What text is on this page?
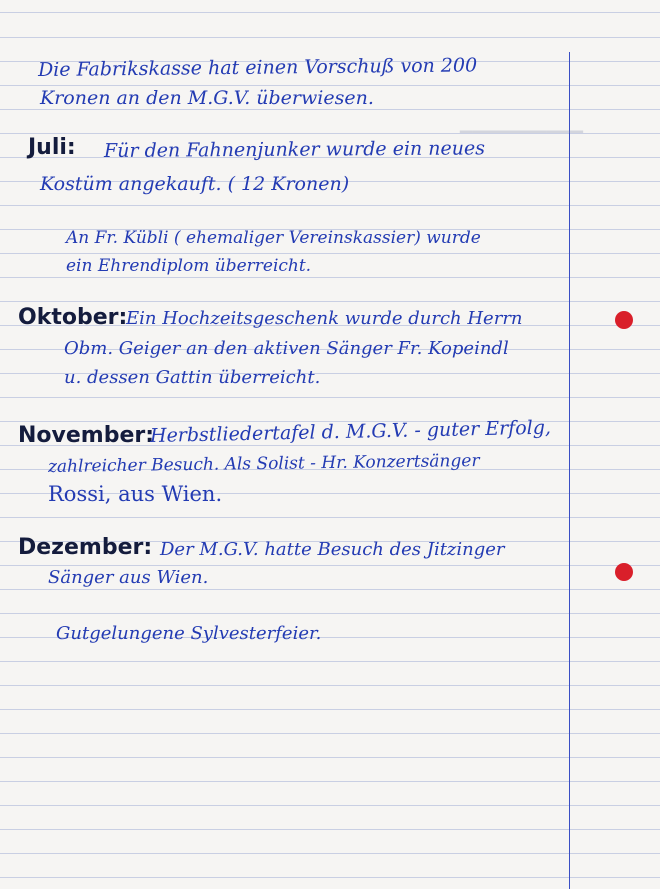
▁▁▁▁▁▁▁▁▁▁
Die Fabrikskasse hat einen Vorschuß von 200
Kronen an den M.G.V. überwiesen.
Juli: Für den Fahnenjunker wurde ein neues
Kostüm angekauft. ( 12 Kronen)
An Fr. Kübli ( ehemaliger Vereinskassier) wurde
ein Ehrendiplom überreicht.
Oktober:
Ein Hochzeitsgeschenk wurde durch Herrn
Obm. Geiger an den aktiven Sänger Fr. Kopeindl
u. dessen Gattin überreicht.
November:
Herbstliedertafel d. M.G.V. - guter Erfolg,
zahlreicher Besuch. Als Solist - Hr. Konzertsänger
Rossi, aus Wien.
Dezember: Der M.G.V. hatte Besuch des Jitzinger
Sänger aus Wien.
Gutgelungene Sylvesterfeier.
